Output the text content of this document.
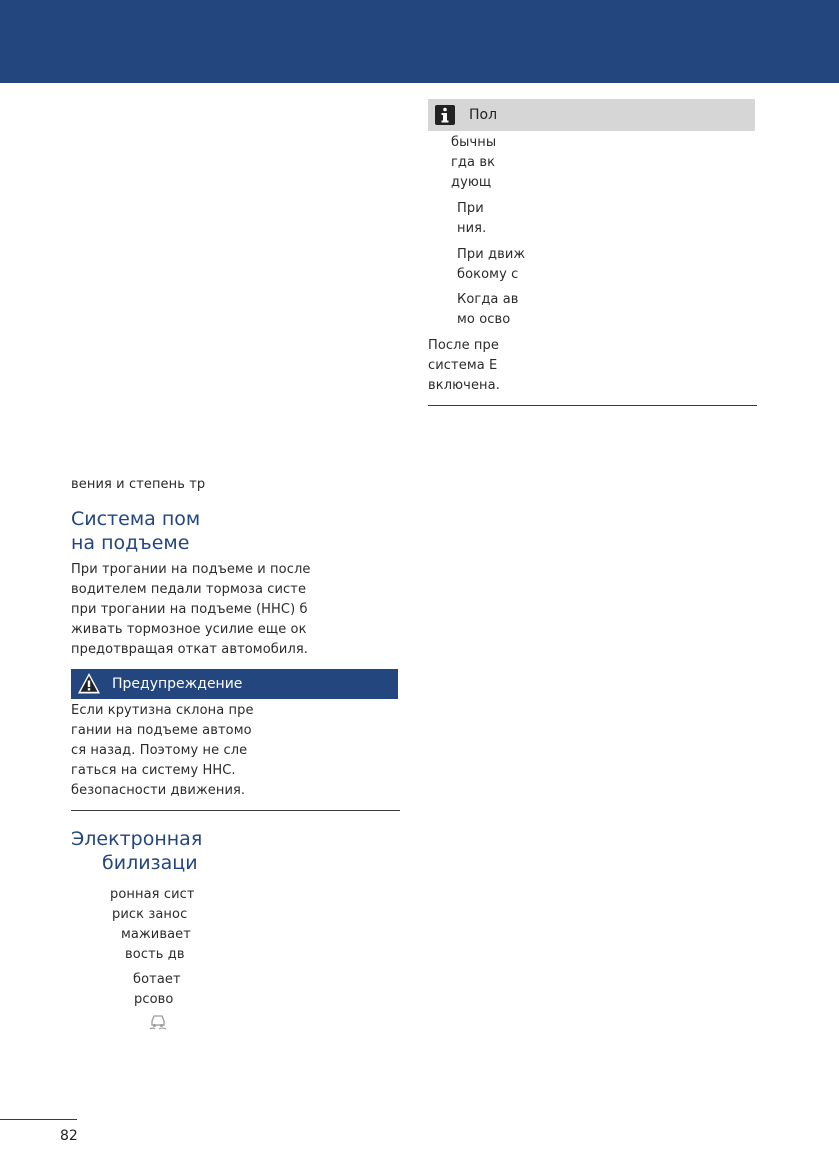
Пол
бычны
гда вк
дующ
При
ния.
При движ
бокому с
Когда ав
мо осво
После пре
система E
включена.
вения и степень тр
Система пом
на подъеме
При трогании на подъеме и после
водителем педали тормоза систе
при трогании на подъеме (HHC) б
живать тормозное усилие еще ок
предотвращая откат автомобиля.
Предупреждение
Если крутизна склона пре
гании на подъеме автомо
ся назад. Поэтому не сле
гаться на систему HHC.
безопасности движения.
Электронная
билизаци
ронная сист
риск занос
маживает
вость дв
ботает
рсово
82
